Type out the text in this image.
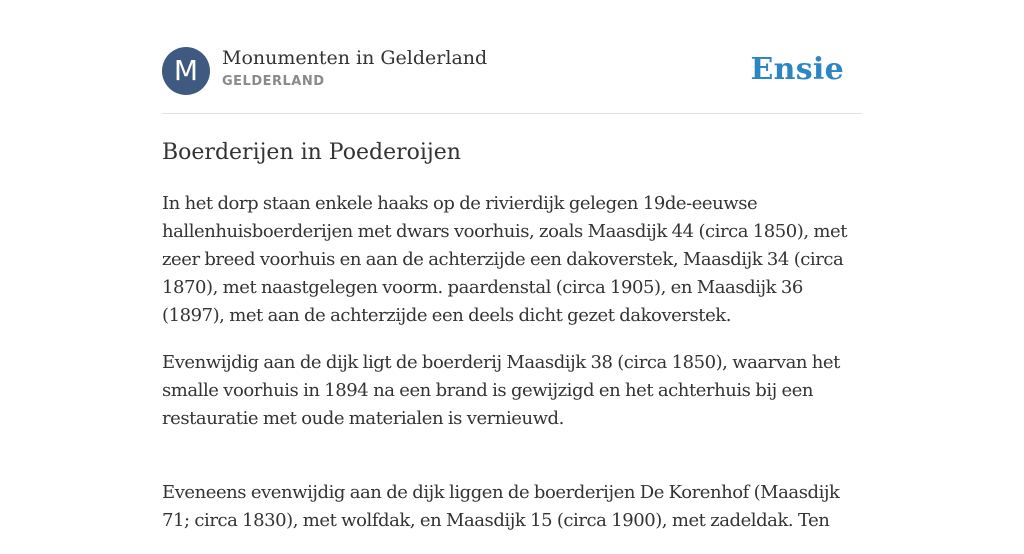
M	Monumenten in Gelderland
GELDERLAND	Ensie
Boerderijen in Poederoijen

In het dorp staan enkele haaks op de rivierdijk gelegen 19de-eeuwse hallenhuisboerderijen met dwars voorhuis, zoals Maasdijk 44 (circa 1850), met zeer breed voorhuis en aan de achterzijde een dakoverstek, Maasdijk 34 (circa 1870), met naastgelegen voorm. paardenstal (circa 1905), en Maasdijk 36 (1897), met aan de achterzijde een deels dicht gezet dakoverstek.

Evenwijdig aan de dijk ligt de boerderij Maasdijk 38 (circa 1850), waarvan het smalle voorhuis in 1894 na een brand is gewijzigd en het achterhuis bij een restauratie met oude materialen is vernieuwd.

Eveneens evenwijdig aan de dijk liggen de boerderijen De Korenhof (Maasdijk 71; circa 1830), met wolfdak, en Maasdijk 15 (circa 1900), met zadeldak. Ten
